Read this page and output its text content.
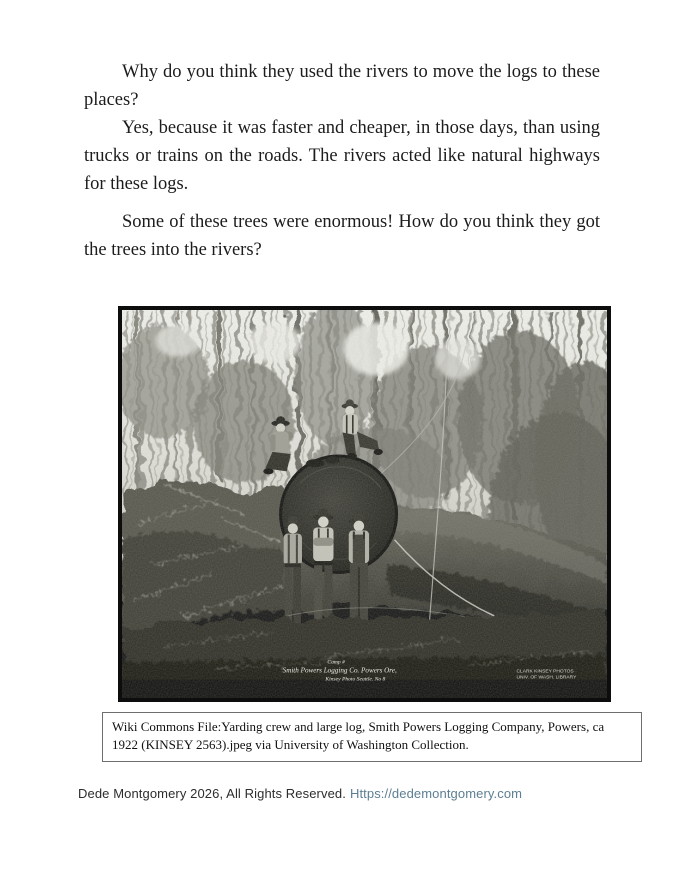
Why do you think they used the rivers to move the logs to these places?

Yes, because it was faster and cheaper, in those days, than using trucks or trains on the roads. The rivers acted like natural highways for these logs.

Some of these trees were enormous! How do you think they got the trees into the rivers?

Camp #
Smith Powers Logging Co. Powers Ore,
Kinsey Photo Seattle. No 8
CLARK KINSEY PHOTOS
UNIV. OF WASH. LIBRARY
Wiki Commons File:Yarding crew and large log, Smith Powers Logging Company, Powers, ca 1922 (KINSEY 2563).jpeg via University of Washington Collection.
Dede Montgomery 2026, All Rights Reserved. Https://dedemontgomery.com
